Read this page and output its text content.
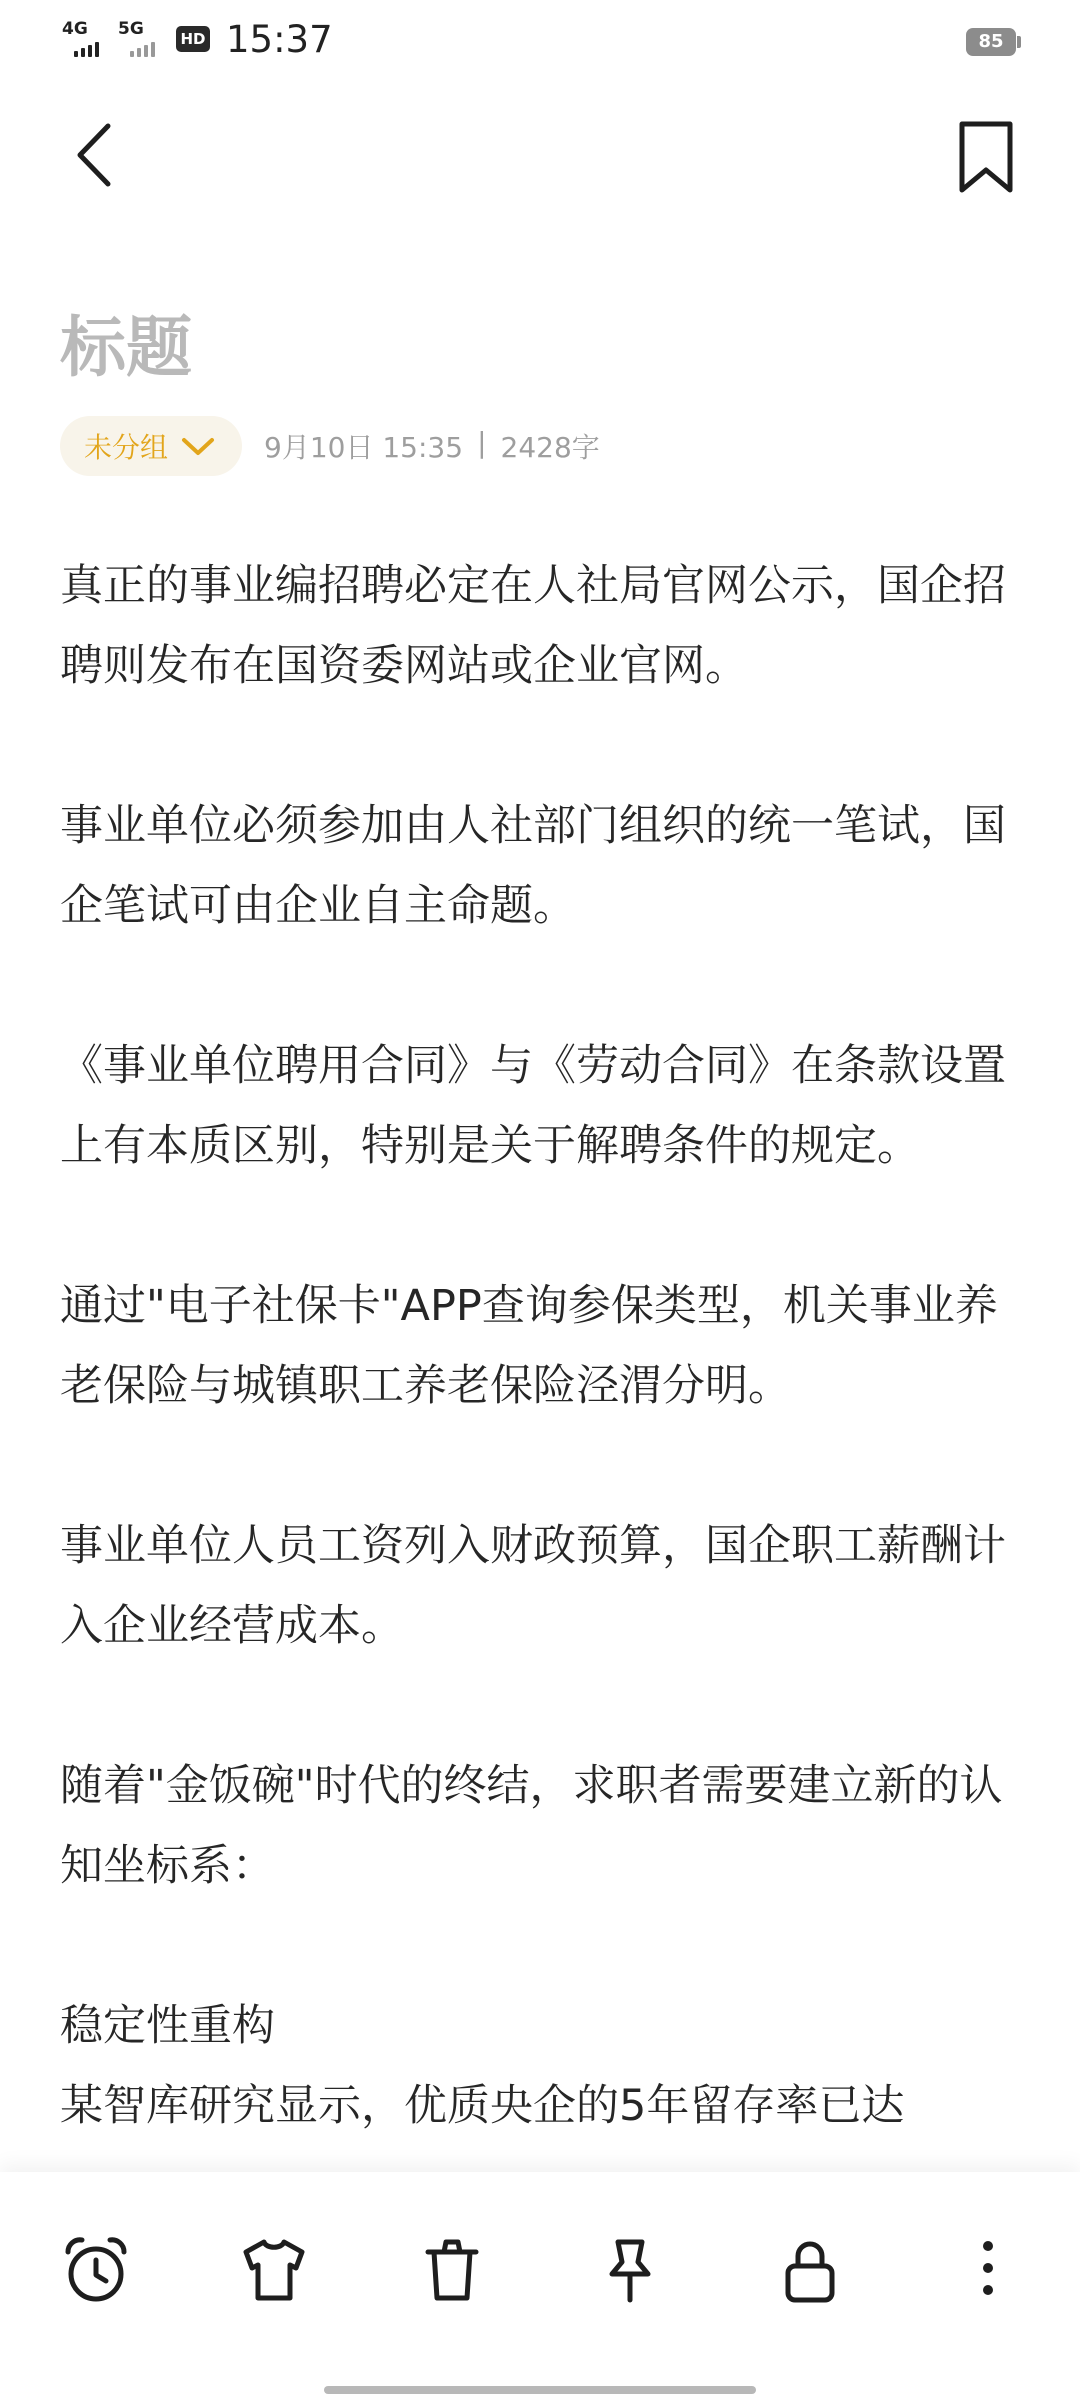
4G 5G HD 15:37	85
标题
未分组	9月10日 15:35 | 2428字

真正的事业编招聘必定在人社局官网公示，国企招聘则发布在国资委网站或企业官网。

事业单位必须参加由人社部门组织的统一笔试，国企笔试可由企业自主命题。

《事业单位聘用合同》与《劳动合同》在条款设置上有本质区别，特别是关于解聘条件的规定。

通过"电子社保卡"APP查询参保类型，机关事业养老保险与城镇职工养老保险泾渭分明。

事业单位人员工资列入财政预算，国企职工薪酬计入企业经营成本。

随着"金饭碗"时代的终结，求职者需要建立新的认知坐标系：

稳定性重构

某智库研究显示，优质央企的5年留存率已达
